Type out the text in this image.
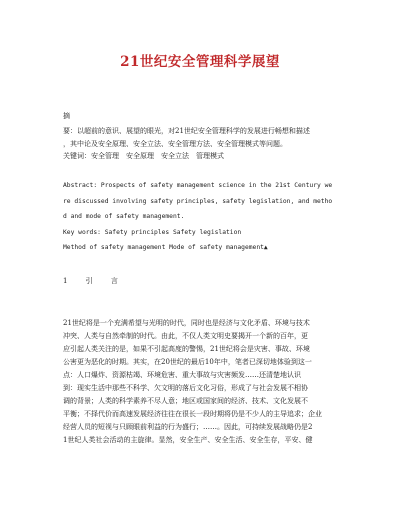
21世纪安全管理科学展望
摘
要：以超前的意识、展望的眼光，对21世纪安全管理科学的发展进行畅想和描述
，其中论及安全原理、安全立法、安全管理方法、安全管理模式等问题。
关键词：安全管理　安全原理　安全立法　管理模式
Abstract: Prospects of safety management science in the 21st Century we
re discussed involving safety principles, safety legislation, and metho
d and mode of safety management.
Key words: Safety principles Safety legislation
Method of safety management Mode of safety management▲
1 引 言
21世纪将是一个充满希望与光明的时代，同时也是经济与文化矛盾、环境与技术
冲突、人类与自然牵制的时代。由此，不仅人类文明史要揭开一个新的百年，更
应引起人类关注的是，如果不引起高度的警惕，21世纪将会是灾害、事故、环境
公害更为恶化的时期。其实，在20世纪的最后10年中，笔者已深切地体验到这一
点：人口爆炸、资源枯竭、环境危害、重大事故与灾害频发……还清楚地认识
到：现实生活中那些不科学、欠文明的落后文化习俗，形成了与社会发展不相协
调的背景；人类的科学素养不尽人意；地区或国家间的经济、技术、文化发展不
平衡；不择代价而高速发展经济往往在很长一段时期将仍是不少人的主导追求；企业
经营人员的短视与只顾眼前利益的行为盛行；……。因此，可持续发展战略仍是2
1世纪人类社会活动的主旋律。显然，安全生产、安全生活、安全生存，平安、健
